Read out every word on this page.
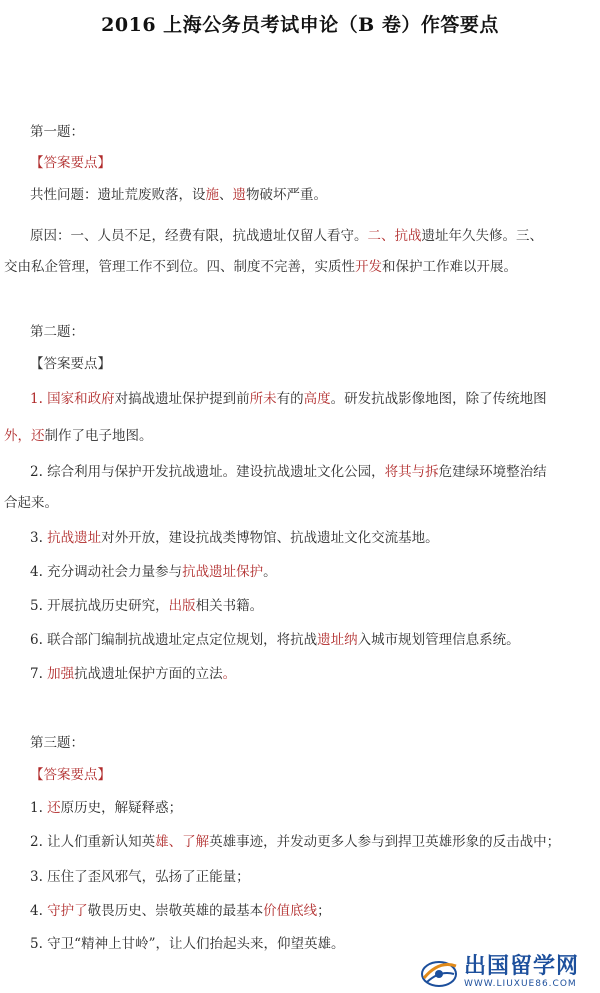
2016 上海公务员考试申论（B 卷）作答要点
第一题：
【答案要点】
共性问题：遗址荒废败落，设施、遗物破坏严重。
原因：一、人员不足，经费有限，抗战遗址仅留人看守。二、抗战遗址年久失修。三、
交由私企管理，管理工作不到位。四、制度不完善，实质性开发和保护工作难以开展。
第二题：
【答案要点】
1. 国家和政府对搞战遗址保护提到前所未有的高度。研发抗战影像地图，除了传统地图
外，还制作了电子地图。
2. 综合利用与保护开发抗战遗址。建设抗战遗址文化公园，将其与拆危建绿环境整治结
合起来。
3. 抗战遗址对外开放，建设抗战类博物馆、抗战遗址文化交流基地。
4. 充分调动社会力量参与抗战遗址保护。
5. 开展抗战历史研究，出版相关书籍。
6. 联合部门编制抗战遗址定点定位规划，将抗战遗址纳入城市规划管理信息系统。
7. 加强抗战遗址保护方面的立法。
第三题：
【答案要点】
1. 还原历史，解疑释惑；
2. 让人们重新认知英雄、了解英雄事迹，并发动更多人参与到捍卫英雄形象的反击战中；
3. 压住了歪风邪气，弘扬了正能量；
4. 守护了敬畏历史、崇敬英雄的最基本价值底线；
5. 守卫“精神上甘岭”，让人们抬起头来，仰望英雄。
出国留学网
WWW.LIUXUE86.COM
